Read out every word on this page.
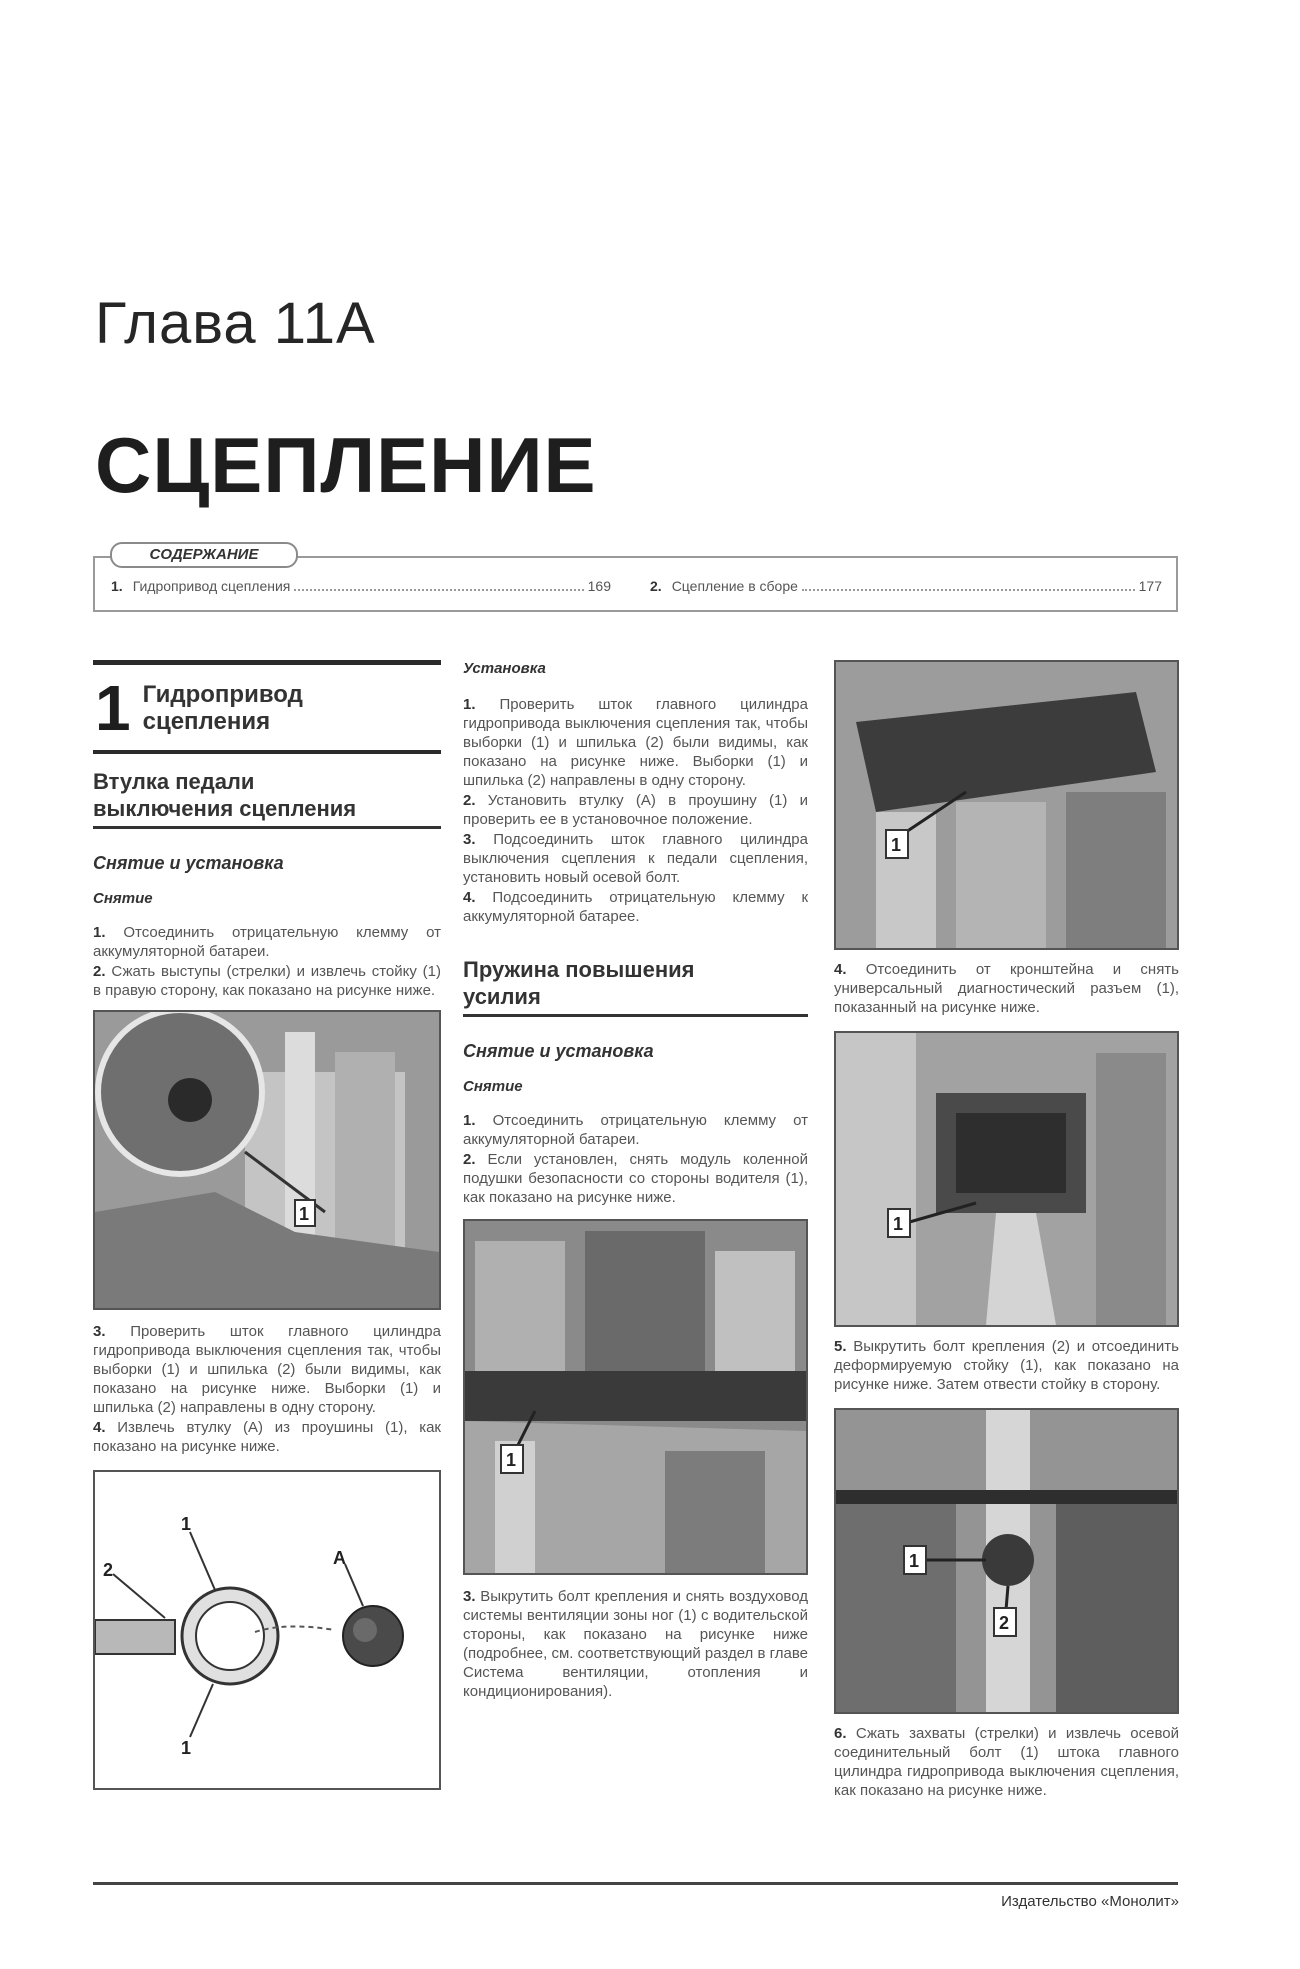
Глава 11А
СЦЕПЛЕНИЕ
СОДЕРЖАНИЕ
1. Гидропривод сцепления	169	2. Сцепление в сборе	177
1 Гидропривод
сцепления
Втулка педали
выключения сцепления
Снятие и установка
Снятие

1. Отсоединить отрицательную клемму от аккумуляторной батареи.

2. Сжать выступы (стрелки) и извлечь стойку (1) в правую сторону, как показано на рисунке ниже.

1

3. Проверить шток главного цилиндра гидропривода выключения сцепления так, чтобы выборки (1) и шпилька (2) были видимы, как показано на рисунке ниже. Выборки (1) и шпилька (2) направлены в одну сторону.

4. Извлечь втулку (А) из проушины (1), как показано на рисунке ниже.

1
2
1
A
Установка

1. Проверить шток главного цилиндра гидропривода выключения сцепления так, чтобы выборки (1) и шпилька (2) были видимы, как показано на рисунке ниже. Выборки (1) и шпилька (2) направлены в одну сторону.

2. Установить втулку (А) в проушину (1) и проверить ее в установочное положение.

3. Подсоединить шток главного цилиндра выключения сцепления к педали сцепления, установить новый осевой болт.

4. Подсоединить отрицательную клемму к аккумуляторной батарее.

Пружина повышения
усилия
Снятие и установка
Снятие

1. Отсоединить отрицательную клемму от аккумуляторной батареи.

2. Если установлен, снять модуль коленной подушки безопасности со стороны водителя (1), как показано на рисунке ниже.

1

3. Выкрутить болт крепления и снять воздуховод системы вентиляции зоны ног (1) с водительской стороны, как показано на рисунке ниже (подробнее, см. соответствующий раздел в главе Система вентиляции, отопления и кондиционирования).

1

4. Отсоединить от кронштейна и снять универсальный диагностический разъем (1), показанный на рисунке ниже.

1

5. Выкрутить болт крепления (2) и отсоединить деформируемую стойку (1), как показано на рисунке ниже. Затем отвести стойку в сторону.

1
2

6. Сжать захваты (стрелки) и извлечь осевой соединительный болт (1) штока главного цилиндра гидропривода выключения сцепления, как показано на рисунке ниже.

Издательство «Монолит»
